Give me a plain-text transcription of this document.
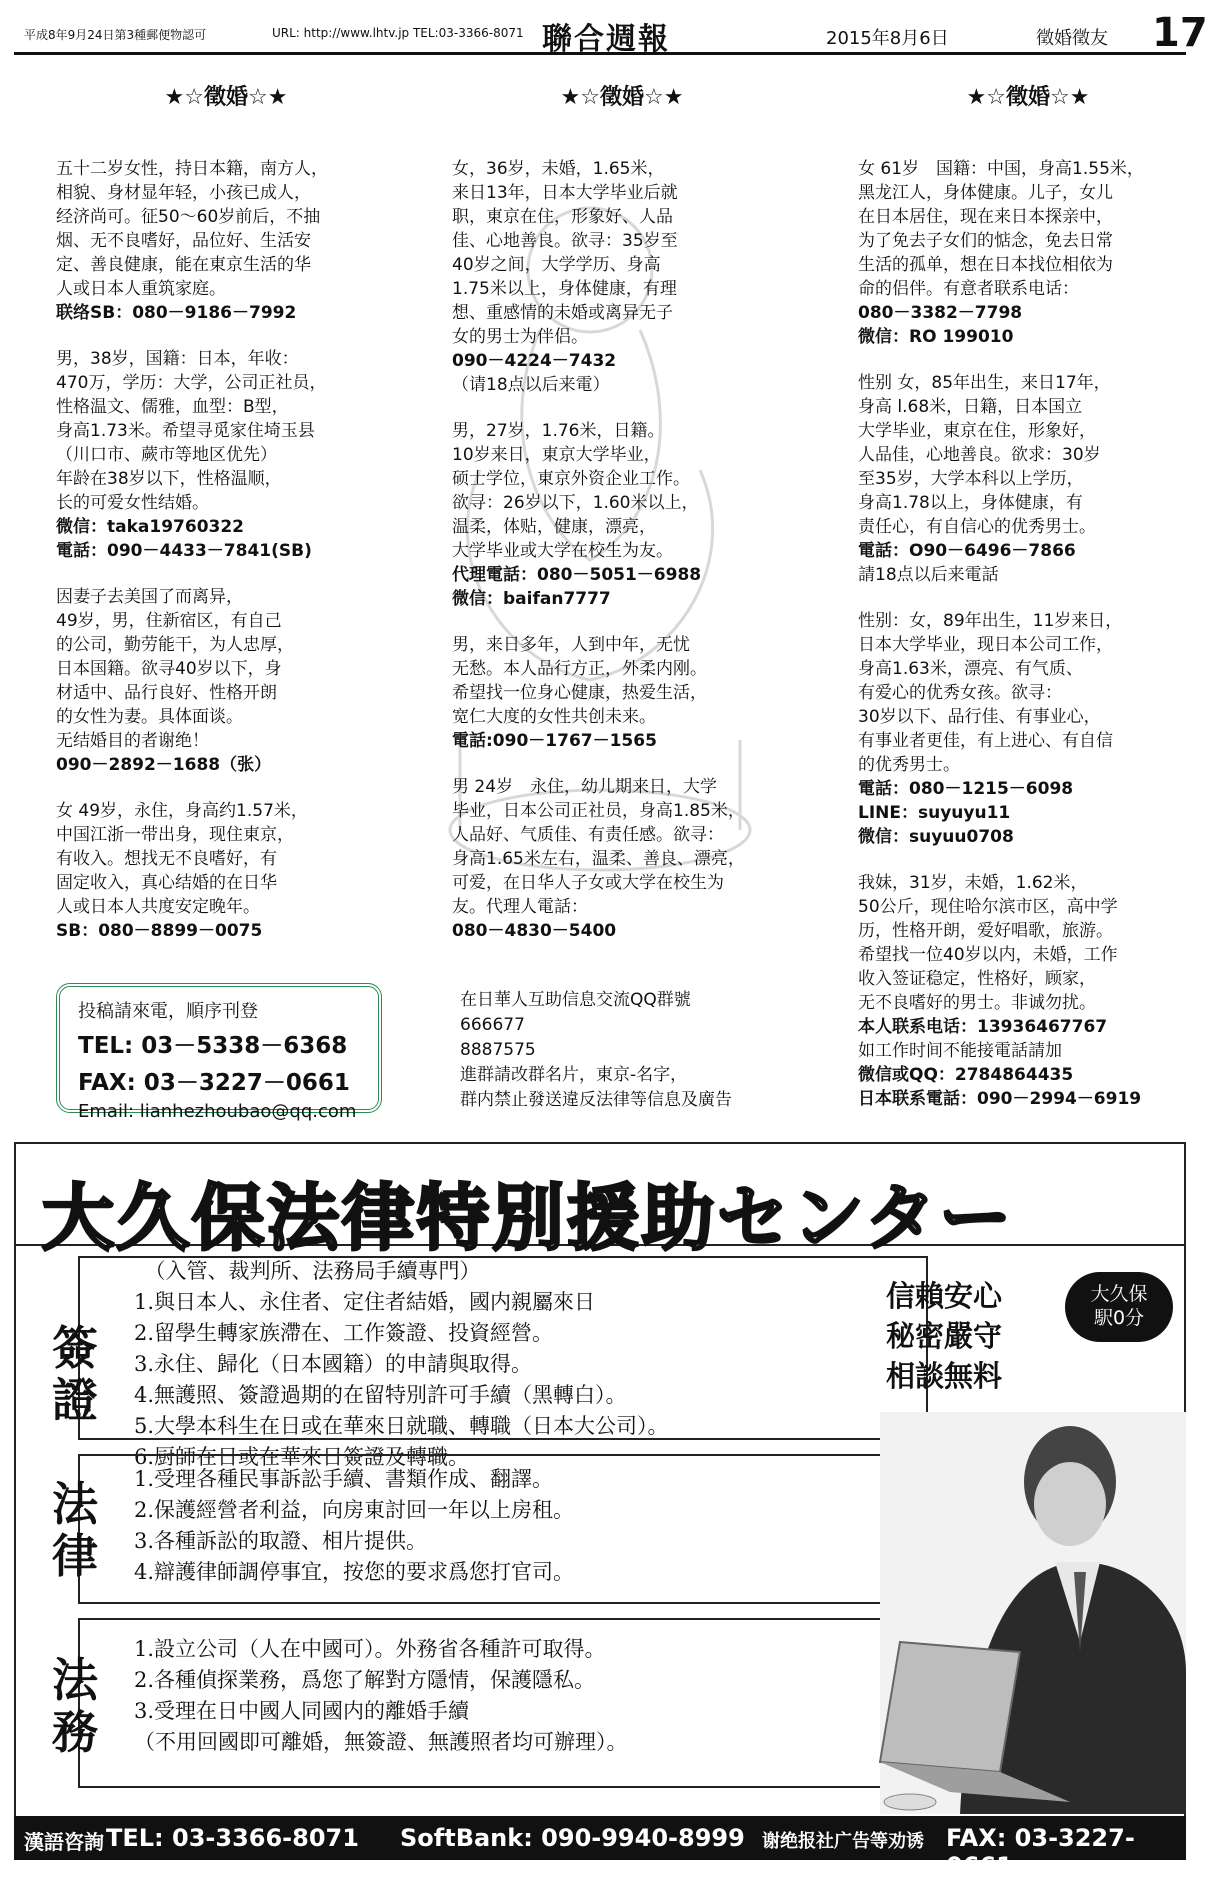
平成8年9月24日第3種郵便物認可	URL: http://www.lhtv.jp TEL:03-3366-8071 聯合週報	2015年8月6日	徵婚徵友 17
★☆徵婚☆★

五十二岁女性，持日本籍，南方人，

相貌、身材显年轻，小孩已成人，

经济尚可。征50～60岁前后，不抽

烟、无不良嗜好，品位好、生活安

定、善良健康，能在東京生活的华

人或日本人重筑家庭。

联络SB：080－9186－7992

男，38岁，国籍：日本，年收：

470万，学历：大学，公司正社员，

性格温文、儒雅，血型：B型，

身高1.73米。希望寻觅家住埼玉县

（川口市、蕨市等地区优先）

年龄在38岁以下，性格温顺，

长的可爱女性结婚。

微信：taka19760322

電話：090－4433－7841(SB)

因妻子去美国了而离异，

49岁，男，住新宿区，有自己

的公司，勤劳能干，为人忠厚，

日本国籍。欲寻40岁以下，身

材适中、品行良好、性格开朗

的女性为妻。具体面谈。

无结婚目的者谢绝！

090－2892－1688（张）

女 49岁，永住，身高约1.57米，

中国江浙一带出身，现住東京，

有收入。想找无不良嗜好，有

固定收入，真心结婚的在日华

人或日本人共度安定晚年。

SB：080－8899－0075

★☆徵婚☆★

女，36岁，未婚，1.65米，

来日13年，日本大学毕业后就

职，東京在住，形象好、人品

佳、心地善良。欲寻：35岁至

40岁之间，大学学历、身高

1.75米以上，身体健康，有理

想、重感情的未婚或离异无子

女的男士为伴侣。

090－4224－7432

（请18点以后来電）

男，27岁，1.76米，日籍。

10岁来日，東京大学毕业，

硕士学位，東京外资企业工作。

欲寻：26岁以下，1.60米以上，

温柔，体贴，健康，漂亮，

大学毕业或大学在校生为友。

代理電話：080－5051－6988

微信：baifan7777

男，来日多年，人到中年，无忧

无愁。本人品行方正，外柔内刚。

希望找一位身心健康，热爱生活，

宽仁大度的女性共创未来。

電話:090－1767－1565

男 24岁　永住，幼儿期来日，大学

毕业，日本公司正社员，身高1.85米，

人品好、气质佳、有责任感。欲寻：

身高1.65米左右，温柔、善良、漂亮，

可爱，在日华人子女或大学在校生为

友。代理人電話：

080－4830－5400

★☆徵婚☆★

女 61岁　国籍：中国，身高1.55米，

黑龙江人，身体健康。儿子，女儿

在日本居住，现在来日本探亲中，

为了免去子女们的惦念，免去日常

生活的孤单，想在日本找位相依为

命的侣伴。有意者联系电话：

080－3382－7798

微信：RO 199010

性别 女，85年出生，来日17年，

身高 l.68米，日籍，日本国立

大学毕业，東京在住，形象好，

人品佳，心地善良。欲求：30岁

至35岁，大学本科以上学历，

身高1.78以上，身体健康，有

责任心，有自信心的优秀男士。

電話：O90－6496－7866

請18点以后来電話

性别：女，89年出生，11岁来日，

日本大学毕业，现日本公司工作，

身高1.63米，漂亮、有气质、

有爱心的优秀女孩。欲寻：

30岁以下、品行佳、有事业心，

有事业者更佳，有上进心、有自信

的优秀男士。

電話：080－1215－6098

LINE：suyuyu11

微信：suyuu0708

我妹，31岁，未婚，1.62米，

50公斤，现住哈尔滨市区，高中学

历，性格开朗，爱好唱歌，旅游。

希望找一位40岁以内，未婚，工作

收入签证稳定，性格好，顾家，

无不良嗜好的男士。非诚勿扰。

本人联系电话：13936467767

如工作时间不能接電話請加

微信或QQ：2784864435

日本联系電話：090－2994－6919

投稿請來電，順序刊登

TEL: 03－5338－6368

FAX: 03－3227－0661

Email: lianhezhoubao@qq.com

在日華人互助信息交流QQ群號

666677

8887575

進群請改群名片，東京-名字，

群内禁止發送違反法律等信息及廣告

大久保法律特別援助センター
簽
證

　（入管、裁判所、法務局手續專門）

1.與日本人、永住者、定住者結婚，國内親屬來日

2.留學生轉家族滯在、工作簽證、投資經營。

3.永住、歸化（日本國籍）的申請與取得。

4.無護照、簽證過期的在留特別許可手續（黑轉白）。

5.大學本科生在日或在華來日就職、轉職（日本大公司）。

6.厨師在日或在華來日簽證及轉職。

法
律

1.受理各種民事訴訟手續、書類作成、翻譯。

2.保護經營者利益，向房東討回一年以上房租。

3.各種訴訟的取證、相片提供。

4.辯護律師調停事宜，按您的要求爲您打官司。

法
務

1.設立公司（人在中國可）。外務省各種許可取得。

2.各種偵探業務，爲您了解對方隱情，保護隱私。

3.受理在日中國人同國内的離婚手續

（不用回國即可離婚，無簽證、無護照者均可辦理）。

信賴安心
秘密嚴守
相談無料
大久保
駅0分
漢語咨詢 TEL: 03-3366-8071 SoftBank: 090-9940-8999 谢绝报社广告等劝诱 FAX: 03-3227-0661
